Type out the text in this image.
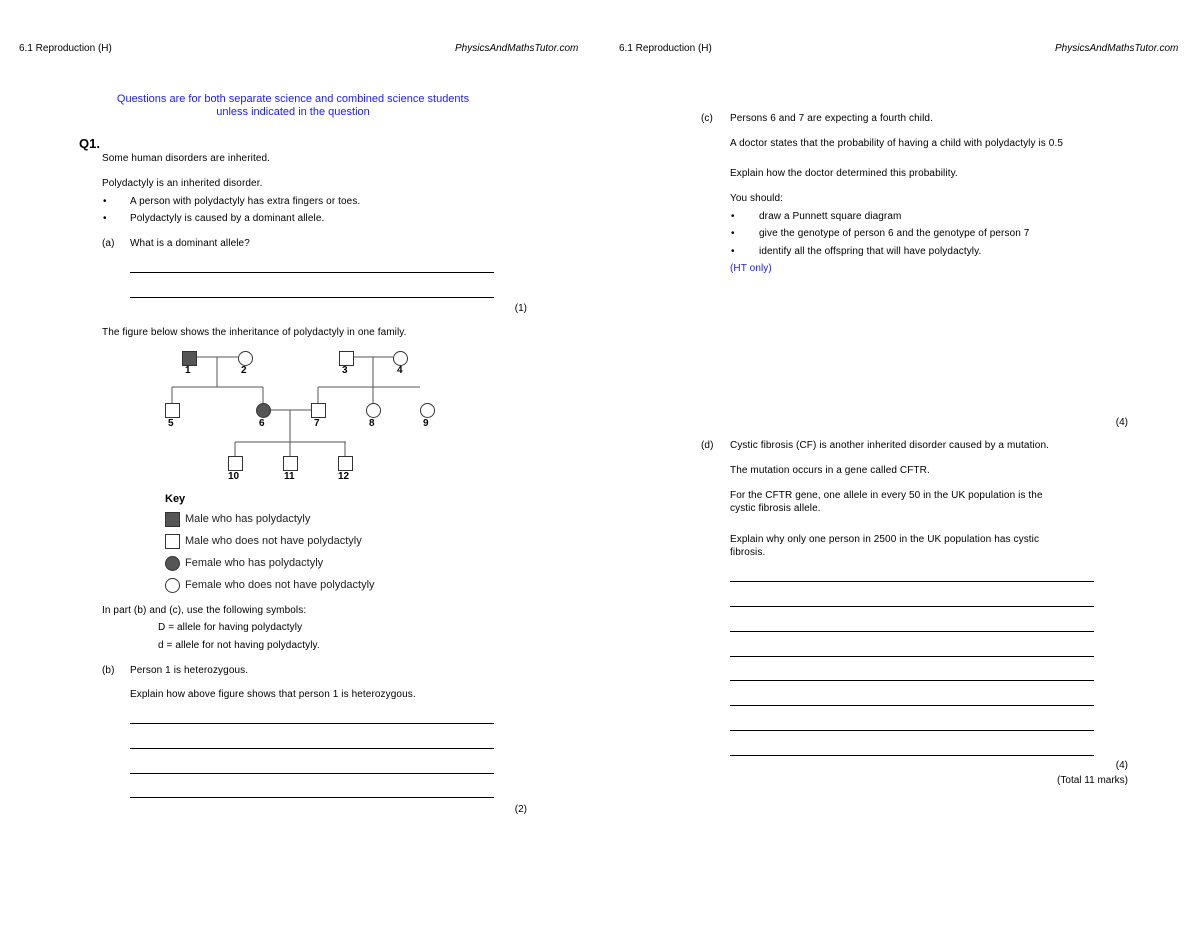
6.1 Reproduction (H)	PhysicsAndMathsTutor.com
Questions are for both separate science and combined science students
unless indicated in the question
Q1.
Some human disorders are inherited.
Polydactyly is an inherited disorder.
• A person with polydactyly has extra fingers or toes.
• Polydactyly is caused by a dominant allele.
(a) What is a dominant allele?
(1)
The figure below shows the inheritance of polydactyly in one family.
1	2	3	4
5	6	7	8	9
10	11	12
Key
Male who has polydactyly
Male who does not have polydactyly
Female who has polydactyly
Female who does not have polydactyly
In part (b) and (c), use the following symbols:
D = allele for having polydactyly
d = allele for not having polydactyly.
(b) Person 1 is heterozygous.
Explain how above figure shows that person 1 is heterozygous.
(2)
6.1 Reproduction (H)	PhysicsAndMathsTutor.com
(c) Persons 6 and 7 are expecting a fourth child.
A doctor states that the probability of having a child with polydactyly is 0.5
Explain how the doctor determined this probability.
You should:
• draw a Punnett square diagram
• give the genotype of person 6 and the genotype of person 7
• identify all the offspring that will have polydactyly.
(HT only)
(4)
(d) Cystic fibrosis (CF) is another inherited disorder caused by a mutation.
The mutation occurs in a gene called CFTR.
For the CFTR gene, one allele in every 50 in the UK population is the
cystic fibrosis allele.
Explain why only one person in 2500 in the UK population has cystic
fibrosis.
(4)
(Total 11 marks)
